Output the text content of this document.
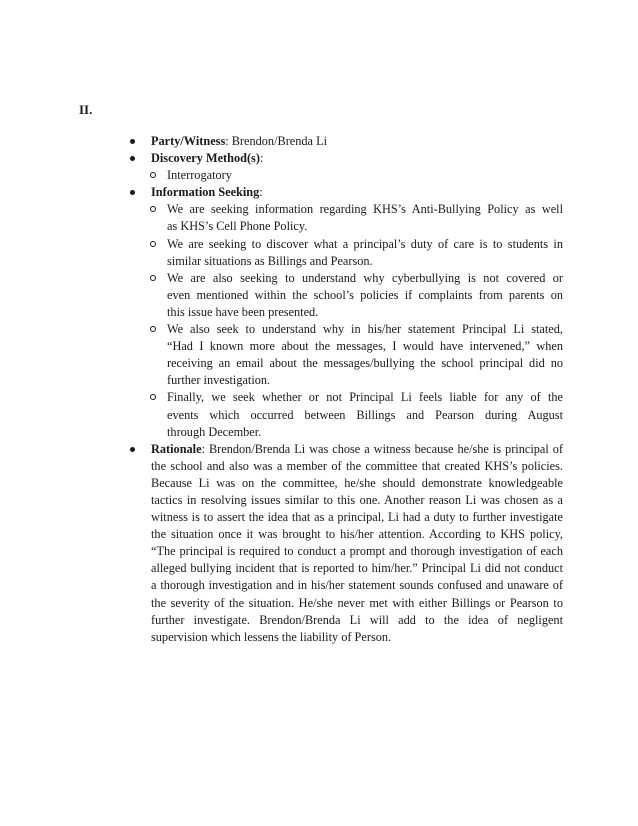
II.
Party/Witness: Brendon/Brenda Li
Discovery Method(s):
Interrogatory
Information Seeking:
We are seeking information regarding KHS’s Anti-Bullying Policy as well
as KHS’s Cell Phone Policy.
We are seeking to discover what a principal’s duty of care is to students in
similar situations as Billings and Pearson.
We are also seeking to understand why cyberbullying is not covered or
even mentioned within the school’s policies if complaints from parents on
this issue have been presented.
We also seek to understand why in his/her statement Principal Li stated,
“Had I known more about the messages, I would have intervened,” when
receiving an email about the messages/bullying the school principal did no
further investigation.
Finally, we seek whether or not Principal Li feels liable for any of the
events which occurred between Billings and Pearson during August
through December.
Rationale: Brendon/Brenda Li was chose a witness because he/she is principal of
the school and also was a member of the committee that created KHS’s policies.
Because Li was on the committee, he/she should demonstrate knowledgeable
tactics in resolving issues similar to this one. Another reason Li was chosen as a
witness is to assert the idea that as a principal, Li had a duty to further investigate
the situation once it was brought to his/her attention. According to KHS policy,
“The principal is required to conduct a prompt and thorough investigation of each
alleged bullying incident that is reported to him/her.” Principal Li did not conduct
a thorough investigation and in his/her statement sounds confused and unaware of
the severity of the situation. He/she never met with either Billings or Pearson to
further investigate. Brendon/Brenda Li will add to the idea of negligent
supervision which lessens the liability of Person.
